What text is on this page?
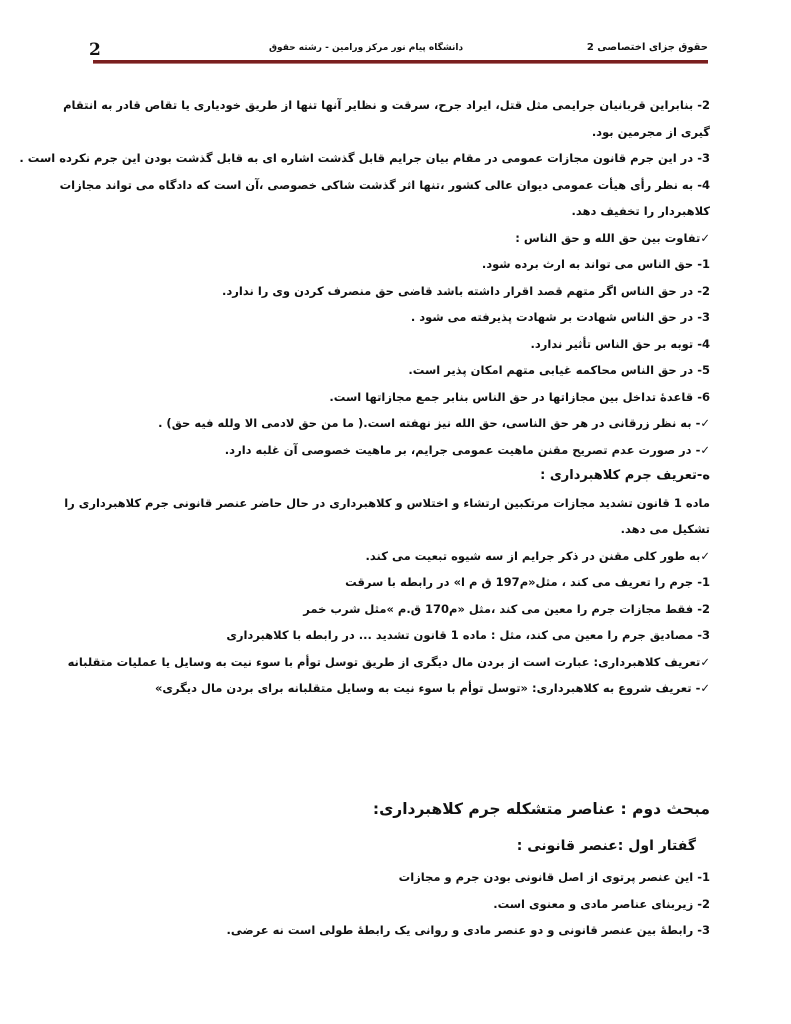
2	دانشگاه پیام نور مرکز ورامین - رشته حقوق	حقوق جزای اختصاصی 2
2- بنابراین قربانیان جرایمی مثل قتل، ایراد جرح، سرقت و نظایر آنها تنها از طریق خودیاری یا تقاص قادر به انتقام
گیری از مجرمین بود.
3- در این جرم قانون مجازات عمومی در مقام بیان جرایم قابل گذشت اشاره ای به قابل گذشت بودن این جرم نکرده است .
4- به نظر رأی هیأت عمومی دیوان عالی کشور ،تنها اثر گذشت شاکی خصوصی ،آن است که دادگاه می تواند مجازات
کلاهبردار را تخفیف دهد.
✓تفاوت بین حق الله و حق الناس :
1- حق الناس می تواند به ارث برده شود.
2- در حق الناس اگر متهم قصد اقرار داشته باشد قاضی حق منصرف کردن وی را ندارد.
3- در حق الناس شهادت بر شهادت پذیرفته می شود .
4- توبه بر حق الناس تأثیر ندارد.
5- در حق الناس محاکمه غیابی متهم امکان پذیر است.
6- قاعدۀ تداخل بین مجازاتها در حق الناس بنابر جمع مجازاتها است.
✓- به نظر زرقانی در هر حق الناسی، حق الله نیز نهفته است.( ما من حق لادمی الا ولله فیه حق) .
✓- در صورت عدم تصریح مقنن ماهیت عمومی جرایم، بر ماهیت خصوصی آن غلبه دارد.
ه-تعریف جرم کلاهبرداری :
ماده 1 قانون تشدید مجازات مرتکبین ارتشاء و اختلاس و کلاهبرداری در حال حاضر عنصر قانونی جرم کلاهبرداری را
تشکیل می دهد.
✓به طور کلی مقنن در ذکر جرایم از سه شیوه تبعیت می کند.
1- جرم را تعریف می کند ، مثل«م197 ق م ا» در رابطه با سرقت
2- فقط مجازات جرم را معین می کند ،مثل «م170 ق.م »مثل شرب خمر
3- مصادیق جرم را معین می کند، مثل : ماده 1 قانون تشدید ... در رابطه با کلاهبرداری
✓تعریف کلاهبرداری: عبارت است از بردن مال دیگری از طریق توسل توأم با سوء نیت به وسایل یا عملیات متقلبانه
✓- تعریف شروع به کلاهبرداری: «توسل توأم با سوء نیت به وسایل متقلبانه برای بردن مال دیگری»
مبحث دوم : عناصر متشکله جرم کلاهبرداری:
گفتار اول :عنصر قانونی :
1- این عنصر پرتوی از اصل قانونی بودن جرم و مجازات
2- زیربنای عناصر مادی و معنوی است.
3- رابطۀ بین عنصر قانونی و دو عنصر مادی و روانی یک رابطۀ طولی است نه عرضی.
